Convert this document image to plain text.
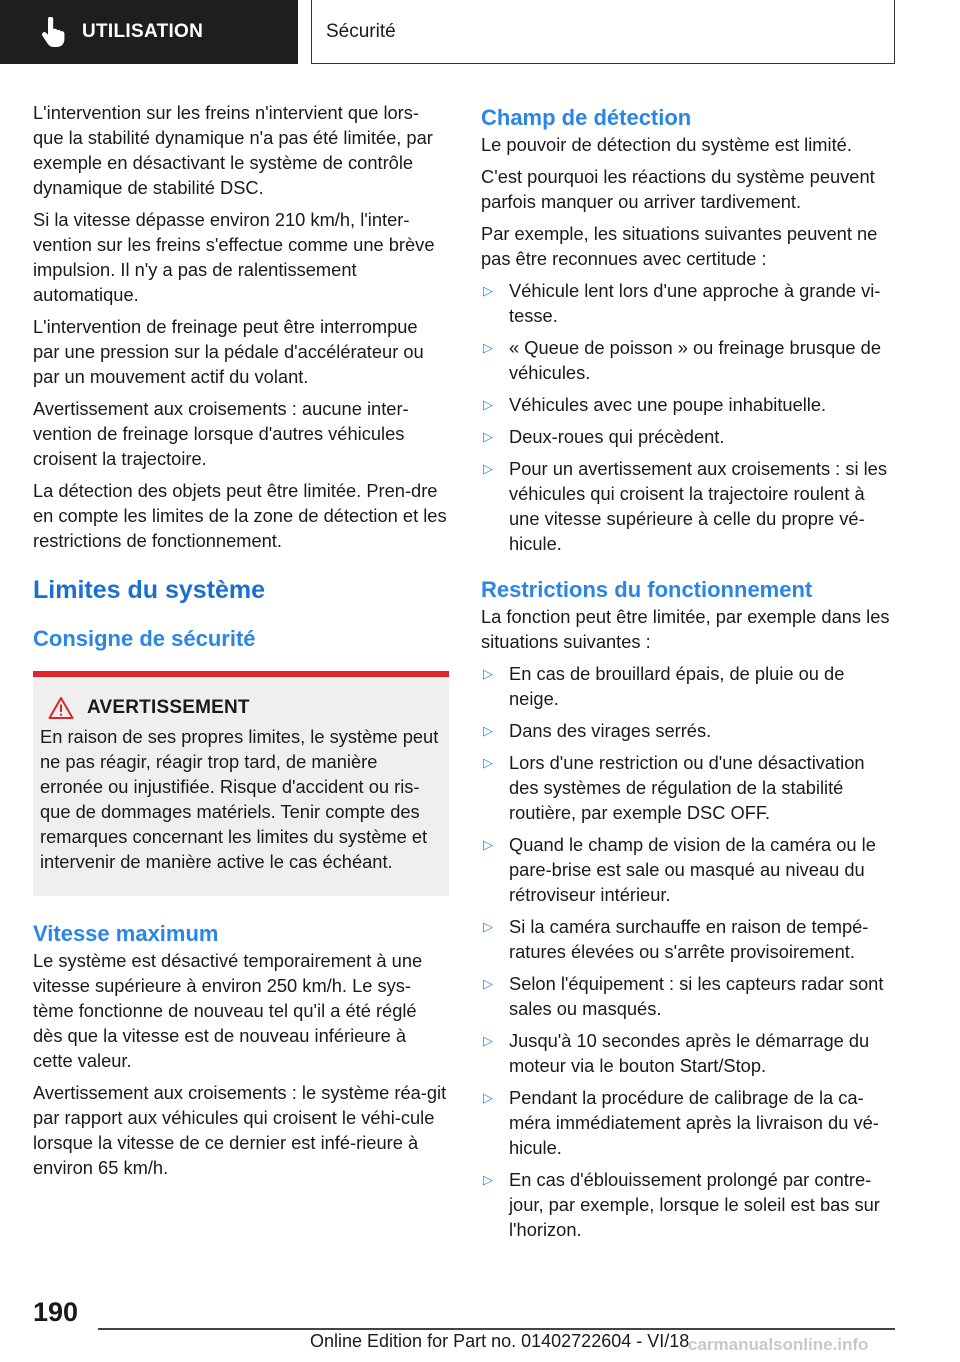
UTILISATION	Sécurité

L'intervention sur les freins n'intervient que lors-que la stabilité dynamique n'a pas été limitée, par exemple en désactivant le système de contrôle dynamique de stabilité DSC.

Si la vitesse dépasse environ 210 km/h, l'inter-vention sur les freins s'effectue comme une brève impulsion. Il n'y a pas de ralentissement automatique.

L'intervention de freinage peut être interrompue par une pression sur la pédale d'accélérateur ou par un mouvement actif du volant.

Avertissement aux croisements : aucune inter-vention de freinage lorsque d'autres véhicules croisent la trajectoire.

La détection des objets peut être limitée. Pren-dre en compte les limites de la zone de détection et les restrictions de fonctionnement.

Limites du système
Consigne de sécurité
AVERTISSEMENT
En raison de ses propres limites, le système peut ne pas réagir, réagir trop tard, de manière erronée ou injustifiée. Risque d'accident ou ris-que de dommages matériels. Tenir compte des remarques concernant les limites du système et intervenir de manière active le cas échéant.
Vitesse maximum

Le système est désactivé temporairement à une vitesse supérieure à environ 250 km/h. Le sys-tème fonctionne de nouveau tel qu'il a été réglé dès que la vitesse est de nouveau inférieure à cette valeur.

Avertissement aux croisements : le système réa-git par rapport aux véhicules qui croisent le véhi-cule lorsque la vitesse de ce dernier est infé-rieure à environ 65 km/h.

Champ de détection

Le pouvoir de détection du système est limité.

C'est pourquoi les réactions du système peuvent parfois manquer ou arriver tardivement.

Par exemple, les situations suivantes peuvent ne pas être reconnues avec certitude :

▷ Véhicule lent lors d'une approche à grande vi-tesse.
▷ « Queue de poisson » ou freinage brusque de véhicules.
▷ Véhicules avec une poupe inhabituelle.
▷ Deux-roues qui précèdent.
▷ Pour un avertissement aux croisements : si les véhicules qui croisent la trajectoire roulent à une vitesse supérieure à celle du propre vé-hicule.
Restrictions du fonctionnement

La fonction peut être limitée, par exemple dans les situations suivantes :

▷ En cas de brouillard épais, de pluie ou de neige.
▷ Dans des virages serrés.
▷ Lors d'une restriction ou d'une désactivation des systèmes de régulation de la stabilité routière, par exemple DSC OFF.
▷ Quand le champ de vision de la caméra ou le pare-brise est sale ou masqué au niveau du rétroviseur intérieur.
▷ Si la caméra surchauffe en raison de tempé-ratures élevées ou s'arrête provisoirement.
▷ Selon l'équipement : si les capteurs radar sont sales ou masqués.
▷ Jusqu'à 10 secondes après le démarrage du moteur via le bouton Start/Stop.
▷ Pendant la procédure de calibrage de la ca-méra immédiatement après la livraison du vé-hicule.
▷ En cas d'éblouissement prolongé par contre-jour, par exemple, lorsque le soleil est bas sur l'horizon.
190
Online Edition for Part no. 01402722604 - VI/18
carmanualsonline.info
